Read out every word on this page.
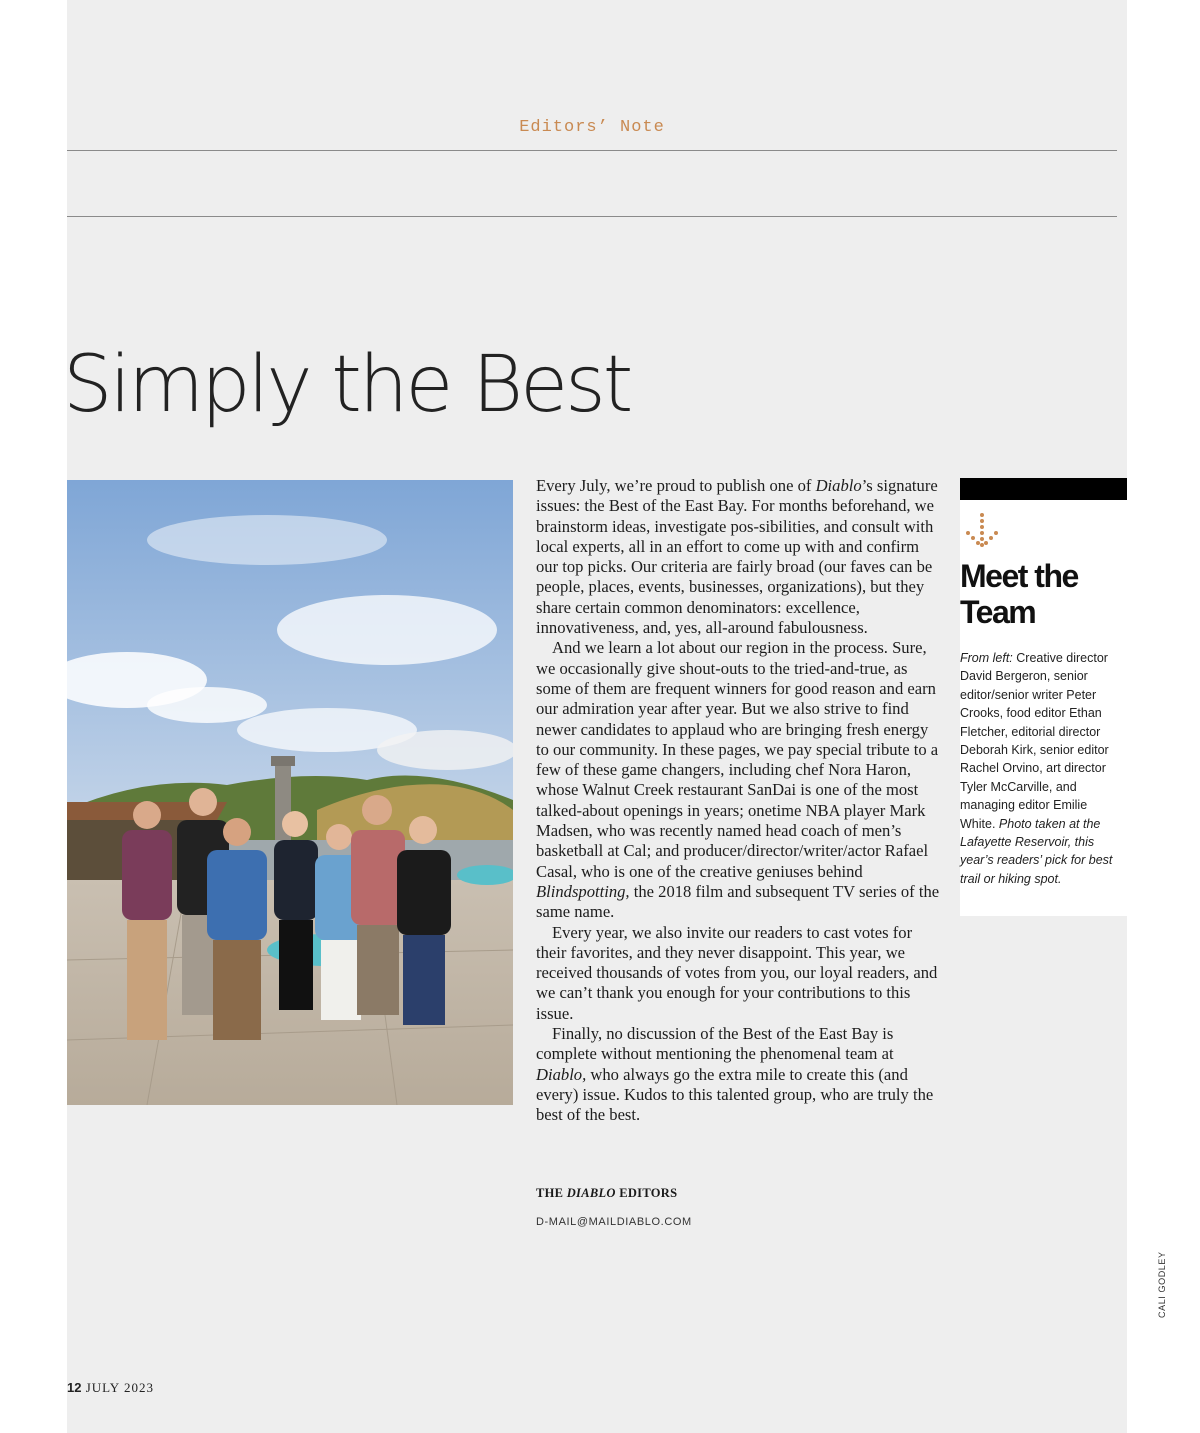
Editors’ Note
Simply the Best

Every July, we’re proud to publish one of Diablo’s signature issues: the Best of the East Bay. For months beforehand, we brainstorm ideas, investigate pos-sibilities, and consult with local experts, all in an effort to come up with and confirm our top picks. Our criteria are fairly broad (our faves can be people, places, events, businesses, organizations), but they share certain common denominators: excellence, innovativeness, and, yes, all-around fabulousness.

And we learn a lot about our region in the process. Sure, we occasionally give shout-outs to the tried-and-true, as some of them are frequent winners for good reason and earn our admiration year after year. But we also strive to find newer candidates to applaud who are bringing fresh energy to our community. In these pages, we pay special tribute to a few of these game changers, including chef Nora Haron, whose Walnut Creek restaurant SanDai is one of the most talked-about openings in years; onetime NBA player Mark Madsen, who was recently named head coach of men’s basketball at Cal; and producer/director/writer/actor Rafael Casal, who is one of the creative geniuses behind Blindspotting, the 2018 film and subsequent TV series of the same name.

Every year, we also invite our readers to cast votes for their favorites, and they never disappoint. This year, we received thousands of votes from you, our loyal readers, and we can’t thank you enough for your contributions to this issue.

Finally, no discussion of the Best of the East Bay is complete without mentioning the phenomenal team at Diablo, who always go the extra mile to create this (and every) issue. Kudos to this talented group, who are truly the best of the best.

THE DIABLO EDITORS
D-MAIL@MAILDIABLO.COM
Meet the
Team
From left: Creative director David Bergeron, senior editor/senior writer Peter Crooks, food editor Ethan Fletcher, editorial director Deborah Kirk, senior editor Rachel Orvino, art director Tyler McCarville, and managing editor Emilie White. Photo taken at the Lafayette Reservoir, this year’s readers’ pick for best trail or hiking spot.
CALI GODLEY
12 JULY 2023
